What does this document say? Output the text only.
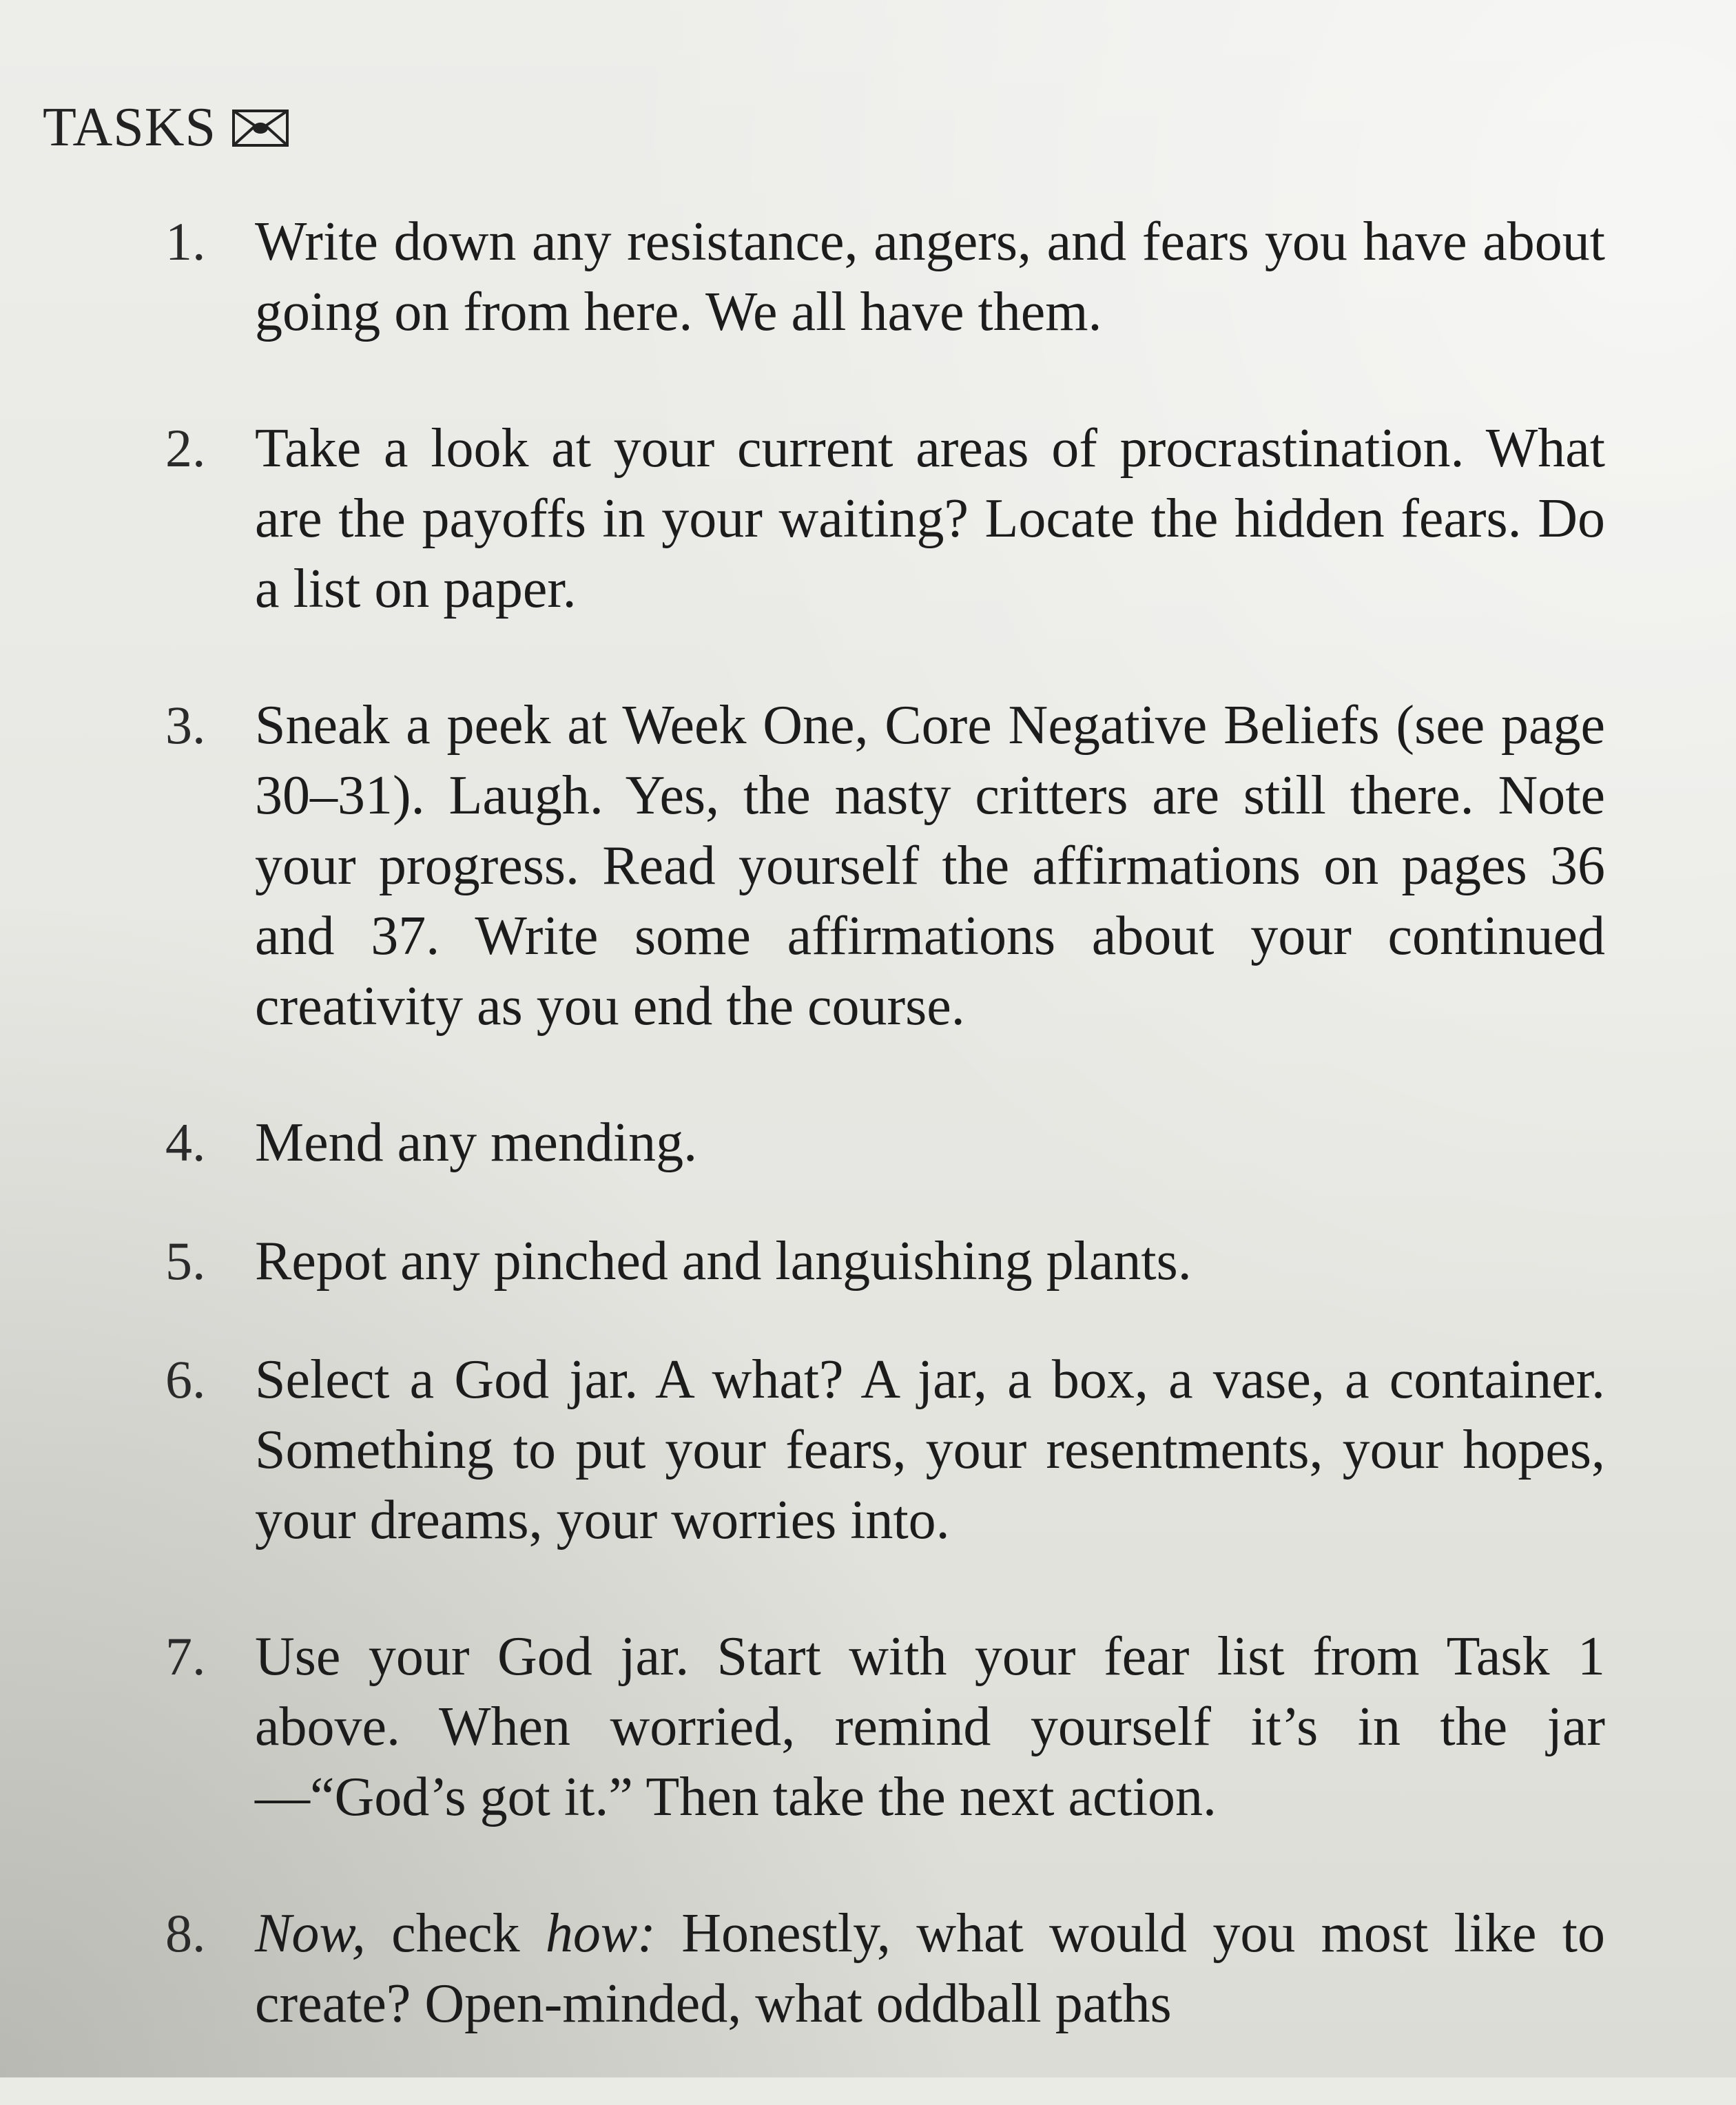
TASKS
1. Write down any resistance, angers, and fears you have about going on from here. We all have them.
2. Take a look at your current areas of procrastination. What are the payoffs in your waiting? Locate the hidden fears. Do a list on paper.
3. Sneak a peek at Week One, Core Negative Beliefs (see page 30–31). Laugh. Yes, the nasty critters are still there. Note your progress. Read yourself the affirmations on pages 36 and 37. Write some affirmations about your continued creativity as you end the course.
4. Mend any mending.
5. Repot any pinched and languishing plants.
6. Select a God jar. A what? A jar, a box, a vase, a container. Something to put your fears, your resentments, your hopes, your dreams, your worries into.
7. Use your God jar. Start with your fear list from Task 1 above. When worried, remind yourself it’s in the jar—“God’s got it.” Then take the next action.
8. Now, check how: Honestly, what would you most like to create? Open-minded, what oddball paths
